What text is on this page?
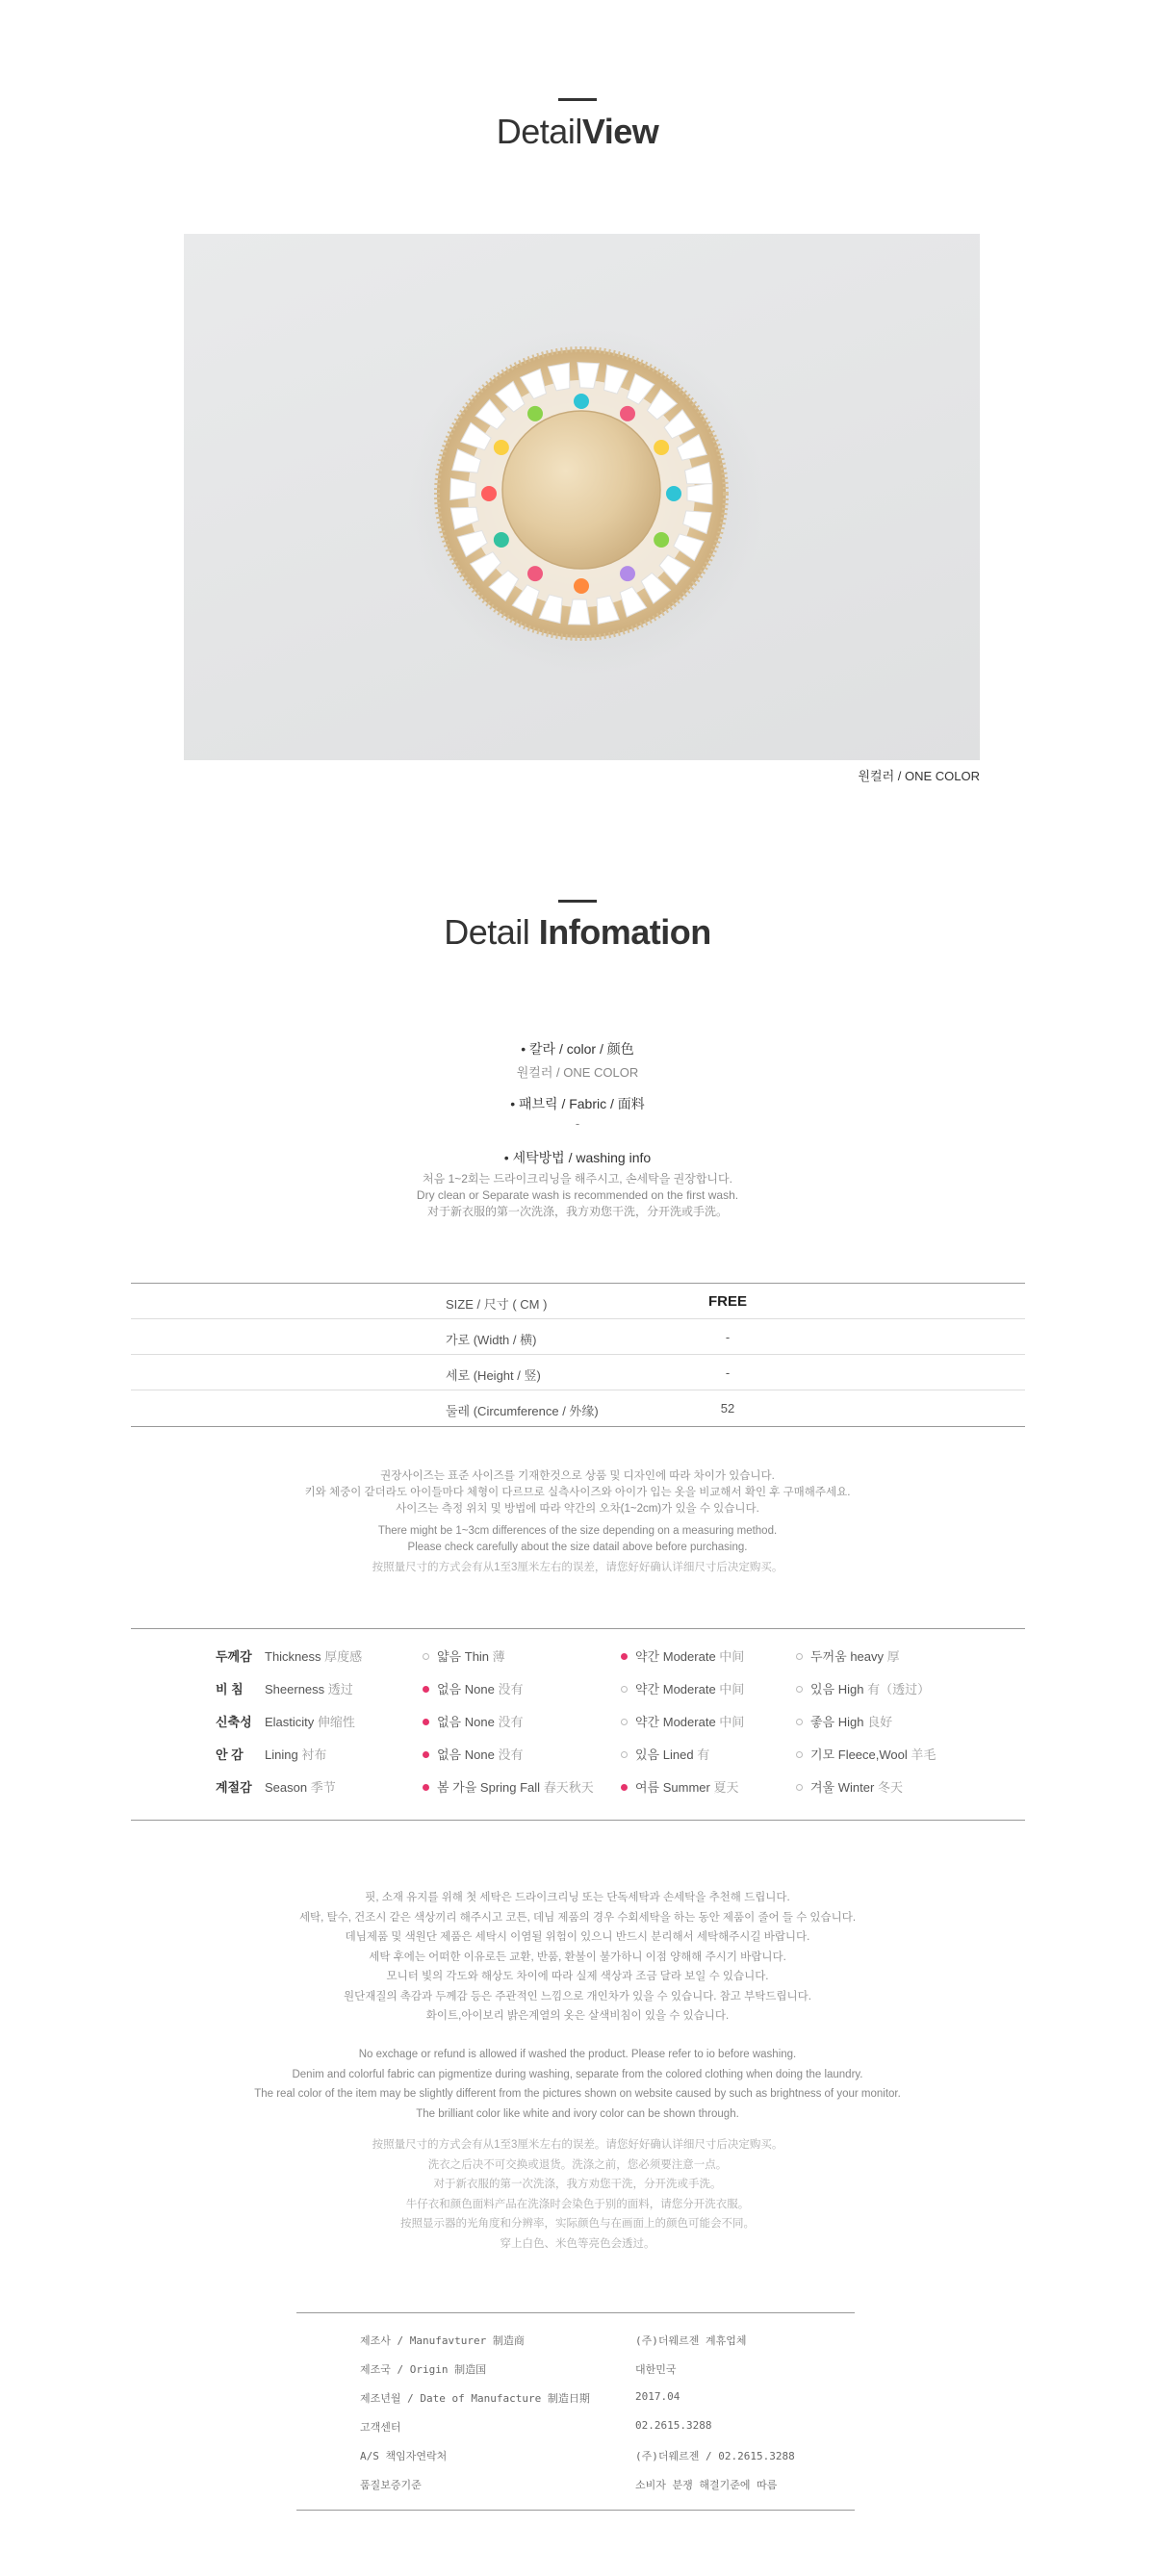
DetailView
원컬러 / ONE COLOR
Detail Infomation
• 칼라 / color / 颜色
원컬러 / ONE COLOR
• 패브릭 / Fabric / 面料
-
• 세탁방법 / washing info
처음 1~2회는 드라이크리닝을 해주시고, 손세탁을 권장합니다.
Dry clean or Separate wash is recommended on the first wash.
对于新衣服的第一次洗涤，我方劝您干洗，分开洗或手洗。
SIZE / 尺寸 ( CM )	FREE
가로 (Width / 横)	-
세로 (Height / 竖)	-
둘레 (Circumference / 外缘)	52
권장사이즈는 표준 사이즈를 기재한것으로 상품 및 디자인에 따라 차이가 있습니다.
키와 체중이 같더라도 아이들마다 체형이 다르므로 실측사이즈와 아이가 입는 옷을 비교해서 확인 후 구매해주세요.
사이즈는 측정 위치 및 방법에 따라 약간의 오차(1~2cm)가 있을 수 있습니다.
There might be 1~3cm differences of the size depending on a measuring method.
Please check carefully about the size datail above before purchasing.
按照量尺寸的方式会有从1至3厘米左右的误差，请您好好确认详细尺寸后决定购买。
두께감 Thickness 厚度感	얇음 Thin 薄	약간 Moderate 中间	두꺼움 heavy 厚
비 침 Sheerness 透过	없음 None 没有	약간 Moderate 中间	있음 High 有（透过）
신축성 Elasticity 伸缩性	없음 None 没有	약간 Moderate 中间	좋음 High 良好
안 감 Lining 衬布	없음 None 没有	있음 Lined 有	기모 Fleece,Wool 羊毛
계절감 Season 季节	봄 가을 Spring Fall 春天秋天	여름 Summer 夏天	겨울 Winter 冬天
핏, 소재 유지를 위해 첫 세탁은 드라이크리닝 또는 단독세탁과 손세탁을 추천해 드립니다.
세탁, 탈수, 건조시 같은 색상끼리 해주시고 코튼, 데님 제품의 경우 수회세탁을 하는 동안 제품이 줄어 들 수 있습니다.
데님제품 및 색원단 제품은 세탁시 이염될 위험이 있으니 반드시 분리해서 세탁해주시길 바랍니다.
세탁 후에는 어떠한 이유로든 교환, 반품, 환불이 불가하니 이점 양해해 주시기 바랍니다.
모니터 빛의 각도와 해상도 차이에 따라 실제 색상과 조금 달라 보일 수 있습니다.
원단재질의 촉감과 두께감 등은 주관적인 느낌으로 개인차가 있을 수 있습니다. 참고 부탁드립니다.
화이트,아이보리 밝은계열의 옷은 살색비침이 있을 수 있습니다.
No exchage or refund is allowed if washed the product. Please refer to io before washing.
Denim and colorful fabric can pigmentize during washing, separate from the colored clothing when doing the laundry.
The real color of the item may be slightly different from the pictures shown on website caused by such as brightness of your monitor.
The brilliant color like white and ivory color can be shown through.
按照量尺寸的方式会有从1至3厘米左右的误差。请您好好确认详细尺寸后决定购买。
洗衣之后决不可交换或退货。洗涤之前，您必须要注意一点。
对于新衣服的第一次洗涤，我方劝您干洗，分开洗或手洗。
牛仔衣和颜色面料产品在洗涤时会染色于别的面料，请您分开洗衣服。
按照显示器的光角度和分辨率，实际颜色与在画面上的颜色可能会不同。
穿上白色、米色等亮色会透过。
제조사 / Manufavturer 制造商	(주)더웨르젠 계휴업체
제조국 / Origin 制造国	대한민국
제조년월 / Date of Manufacture 制造日期	2017.04
고객센터	02.2615.3288
A/S 책임자연락처	(주)더웨르젠 / 02.2615.3288
품질보증기준	소비자 분쟁 해결기준에 따름
